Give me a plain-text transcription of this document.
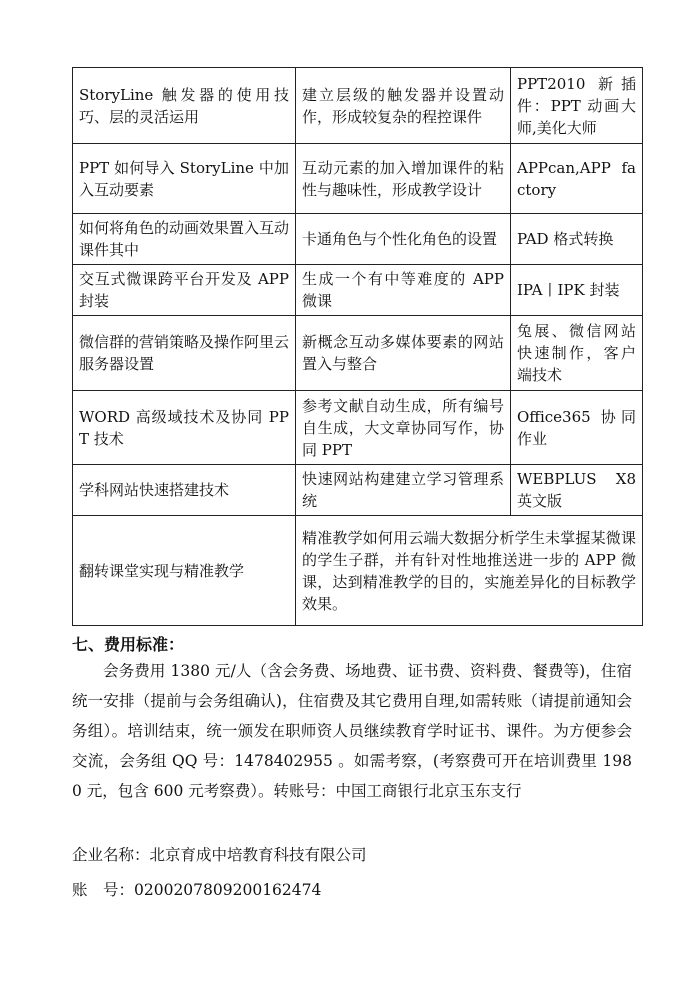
StoryLine 触发器的使用技巧、层的灵活运用	建立层级的触发器并设置动作，形成较复杂的程控课件	PPT2010 新插件：PPT 动画大师,美化大师
PPT 如何导入 StoryLine 中加入互动要素	互动元素的加入增加课件的粘性与趣味性，形成教学设计	APPcan,APP factory
如何将角色的动画效果置入互动课件其中	卡通角色与个性化角色的设置	PAD 格式转换
交互式微课跨平台开发及 APP 封装	生成一个有中等难度的 APP 微课	IPA丨IPK 封装
微信群的营销策略及操作阿里云服务器设置	新概念互动多媒体要素的网站置入与整合	兔展、微信网站快速制作，客户端技术
WORD 高级域技术及协同 PPT 技术	参考文献自动生成，所有编号自生成，大文章协同写作，协同 PPT	Office365 协同作业
学科网站快速搭建技术	快速网站构建建立学习管理系统	WEBPLUS X8 英文版
翻转课堂实现与精准教学	精准教学如何用云端大数据分析学生未掌握某微课的学生子群，并有针对性地推送进一步的 APP 微课，达到精准教学的目的，实施差异化的目标教学效果。	
七、费用标准：
会务费用 1380 元/人（含会务费、场地费、证书费、资料费、餐费等)，住宿统一安排（提前与会务组确认)，住宿费及其它费用自理,如需转账（请提前通知会务组）。培训结束，统一颁发在职师资人员继续教育学时证书、课件。为方便参会交流，会务组 QQ 号：1478402955 。如需考察，(考察费可开在培训费里 1980 元，包含 600 元考察费）。转账号：中国工商银行北京玉东支行
企业名称：北京育成中培教育科技有限公司
账　号：0200207809200162474
